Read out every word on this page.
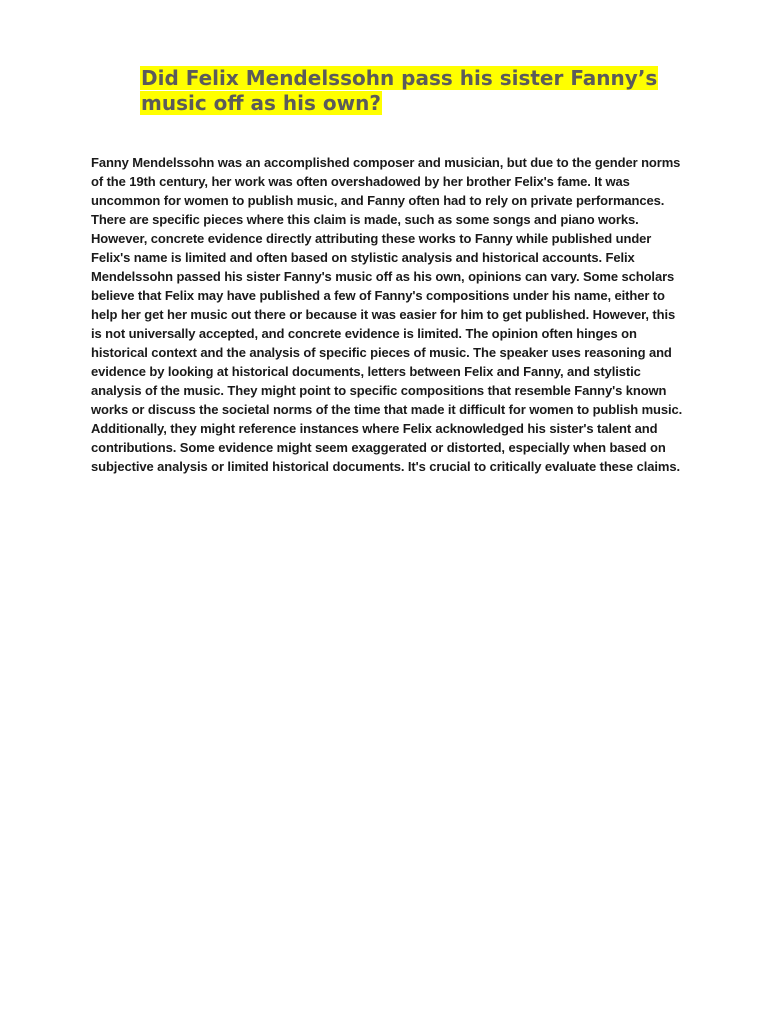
Did Felix Mendelssohn pass his sister Fanny’s music off as his own?

Fanny Mendelssohn was an accomplished composer and musician, but due to the gender norms of the 19th century, her work was often overshadowed by her brother Felix's fame. It was uncommon for women to publish music, and Fanny often had to rely on private performances. There are specific pieces where this claim is made, such as some songs and piano works. However, concrete evidence directly attributing these works to Fanny while published under Felix's name is limited and often based on stylistic analysis and historical accounts. Felix Mendelssohn passed his sister Fanny's music off as his own, opinions can vary. Some scholars believe that Felix may have published a few of Fanny's compositions under his name, either to help her get her music out there or because it was easier for him to get published. However, this is not universally accepted, and concrete evidence is limited. The opinion often hinges on historical context and the analysis of specific pieces of music. The speaker uses reasoning and evidence by looking at historical documents, letters between Felix and Fanny, and stylistic analysis of the music. They might point to specific compositions that resemble Fanny's known works or discuss the societal norms of the time that made it difficult for women to publish music. Additionally, they might reference instances where Felix acknowledged his sister's talent and contributions. Some evidence might seem exaggerated or distorted, especially when based on subjective analysis or limited historical documents. It's crucial to critically evaluate these claims.
